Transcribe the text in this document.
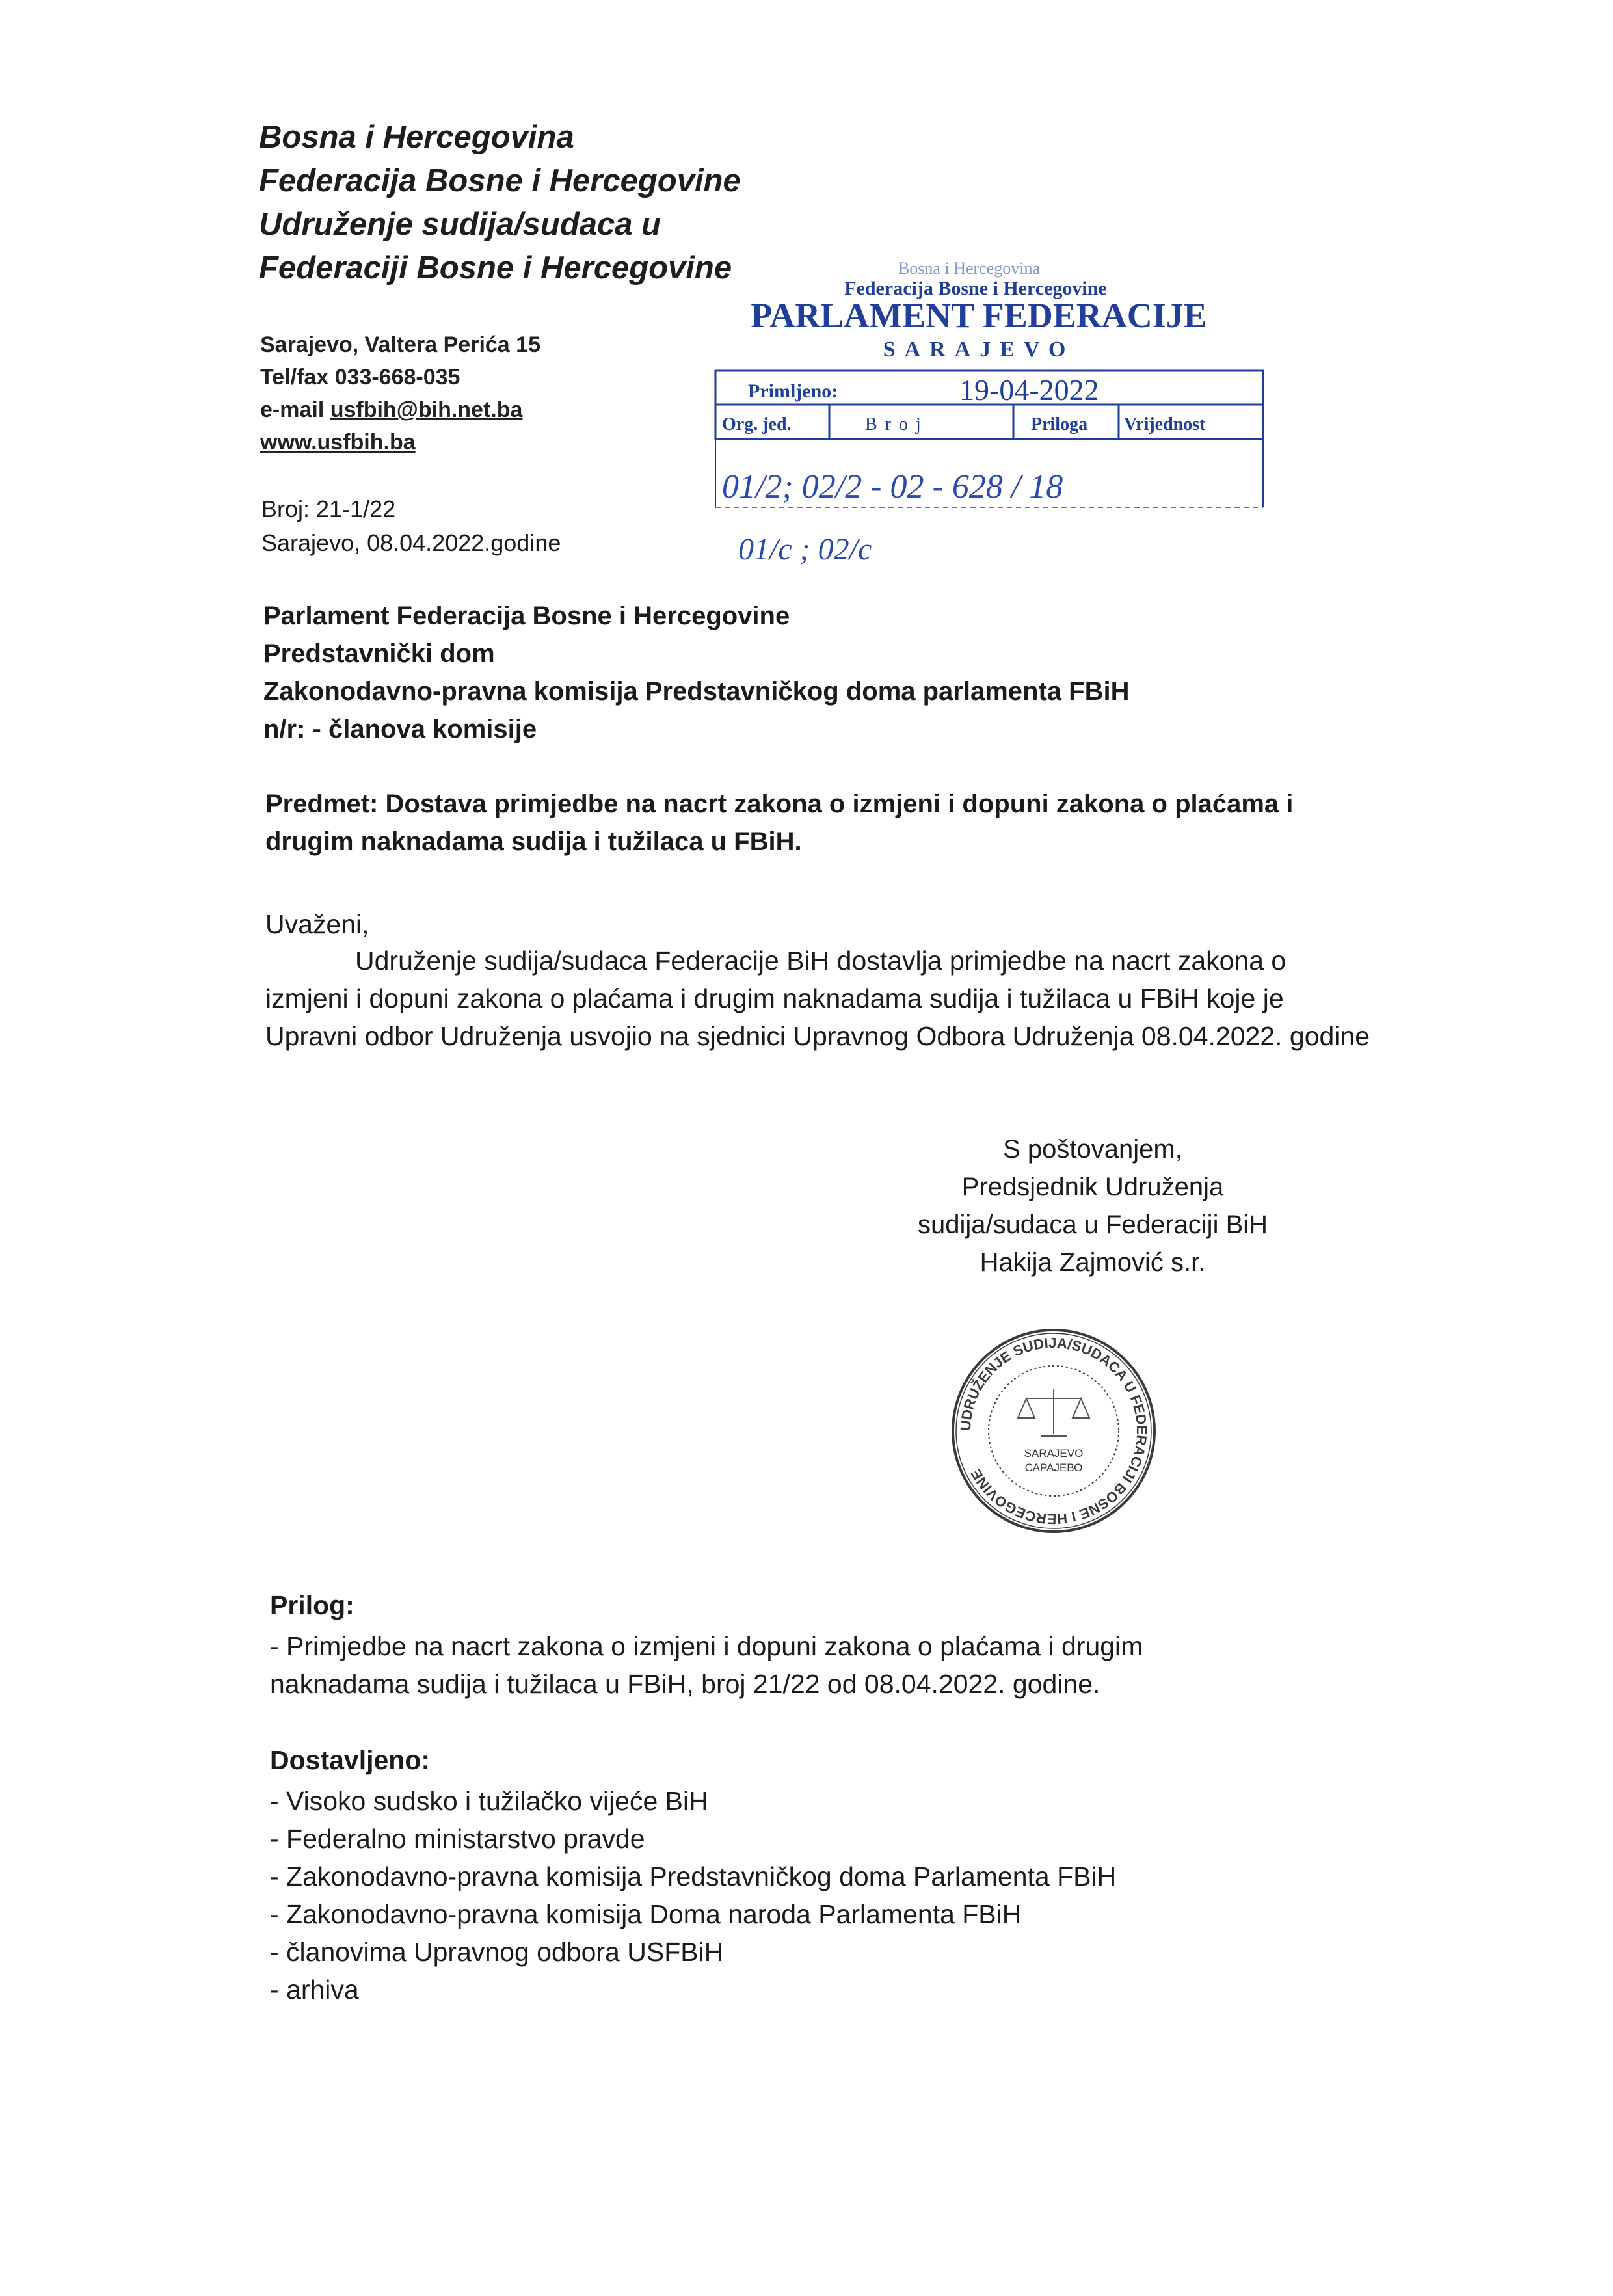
Bosna i Hercegovina
Federacija Bosne i Hercegovine
Udruženje sudija/sudaca u
Federaciji Bosne i Hercegovine
Sarajevo, Valtera Perića 15
Tel/fax 033-668-035
e-mail usfbih@bih.net.ba
www.usfbih.ba
Broj: 21-1/22
Sarajevo, 08.04.2022.godine
Bosna i Hercegovina
Federacija Bosne i Hercegovine
PARLAMENT FEDERACIJE
SARAJEVO
Primljeno:	19-04-2022
Org. jed.	Broj	Priloga Vrijednost
01/2; 02/2 - 02 - 628 / 18
01/c ; 02/c
Parlament Federacija Bosne i Hercegovine
Predstavnički dom
Zakonodavno-pravna komisija Predstavničkog doma parlamenta FBiH
n/r: - članova komisije
Predmet: Dostava primjedbe na nacrt zakona o izmjeni i dopuni zakona o plaćama i drugim naknadama sudija i tužilaca u FBiH.
Uvaženi,
Udruženje sudija/sudaca Federacije BiH dostavlja primjedbe na nacrt zakona o izmjeni i dopuni zakona o plaćama i drugim naknadama sudija i tužilaca u FBiH koje je Upravni odbor Udruženja usvojio na sjednici Upravnog Odbora Udruženja 08.04.2022. godine
S poštovanjem,
Predsjednik Udruženja
sudija/sudaca u Federaciji BiH
Hakija Zajmović s.r.
UDRUŽENJE SUDIJA/SUDACA U FEDERACIJI BOSNE I HERCEGOVINE
SARAJEVO
САРАЈЕВО
Prilog:
- Primjedbe na nacrt zakona o izmjeni i dopuni zakona o plaćama i drugim naknadama sudija i tužilaca u FBiH, broj 21/22 od 08.04.2022. godine.
Dostavljeno:
- Visoko sudsko i tužilačko vijeće BiH
- Federalno ministarstvo pravde
- Zakonodavno-pravna komisija Predstavničkog doma Parlamenta FBiH
- Zakonodavno-pravna komisija Doma naroda Parlamenta FBiH
- članovima Upravnog odbora USFBiH
- arhiva
